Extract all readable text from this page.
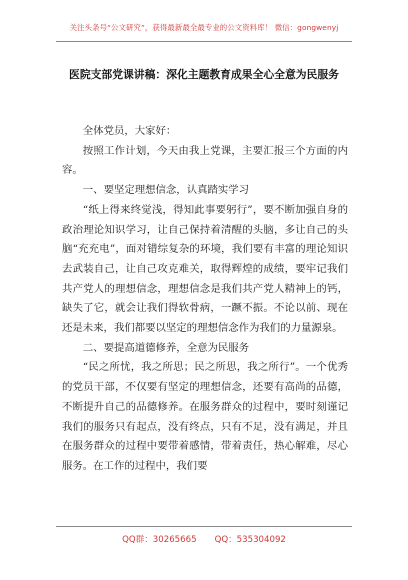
关注头条号“公文研究”，获得最新最全最专业的公文资料库！ 微信：gongwenyj
医院支部党课讲稿：深化主题教育成果全心全意为民服务

全体党员，大家好：

按照工作计划，今天由我上党课，主要汇报三个方面的内容。

一、要坚定理想信念，认真踏实学习

“纸上得来终觉浅，得知此事要躬行”，要不断加强自身的政治理论知识学习，让自己保持着清醒的头脑，多让自己的头脑“充充电”，面对错综复杂的环境，我们要有丰富的理论知识去武装自己，让自己攻克难关，取得辉煌的成绩，要牢记我们共产党人的理想信念，理想信念是我们共产党人精神上的钙，缺失了它，就会让我们得软骨病，一蹶不振。不论以前、现在还是未来，我们都要以坚定的理想信念作为我们的力量源泉。

二、要提高道德修养，全意为民服务

“民之所忧，我之所思；民之所思，我之所行”。一个优秀的党员干部，不仅要有坚定的理想信念，还要有高尚的品德，不断提升自己的品德修养。在服务群众的过程中，要时刻谨记我们的服务只有起点，没有终点，只有不足，没有满足，并且在服务群众的过程中要带着感情，带着责任，热心解难，尽心服务。在工作的过程中，我们要

QQ群：30265665 QQ：535304092
